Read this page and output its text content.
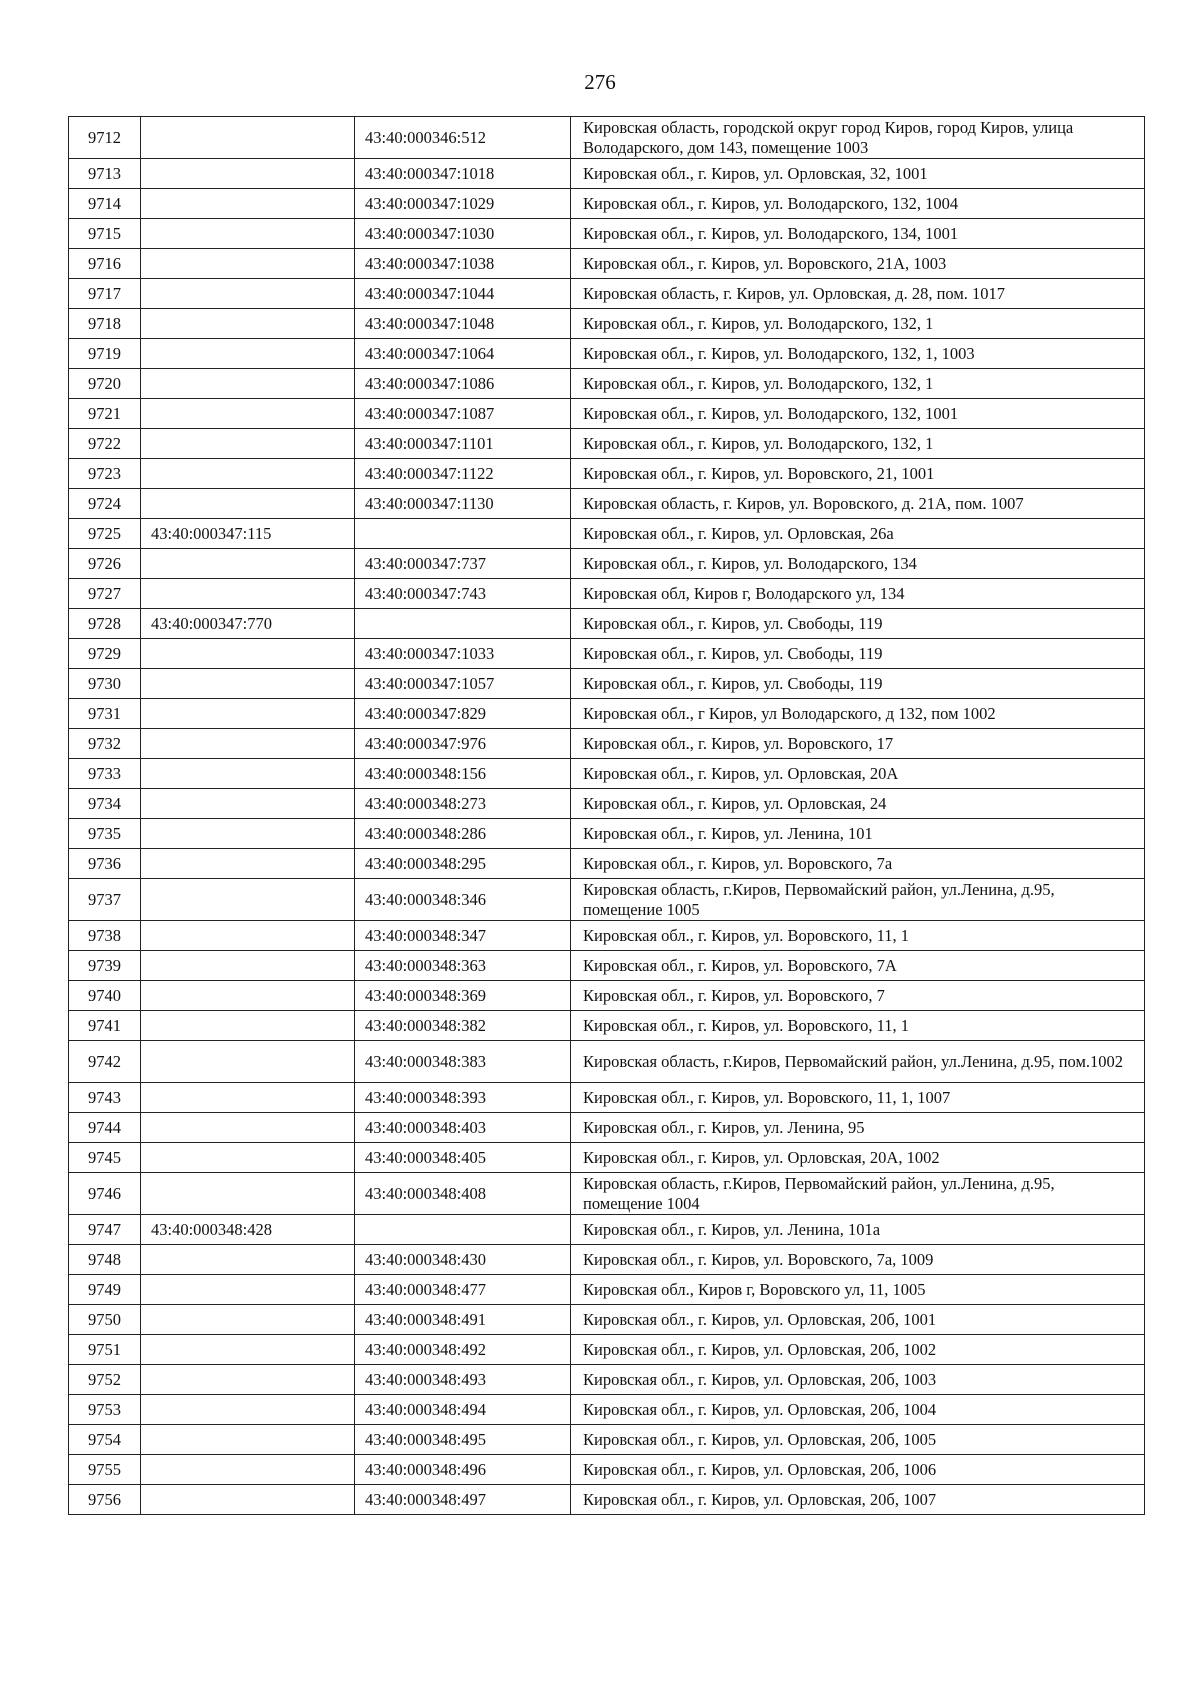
276
9712		43:40:000346:512	Кировская область, городской округ город Киров, город Киров, улица Володарского, дом 143, помещение 1003
9713		43:40:000347:1018	Кировская обл., г. Киров, ул. Орловская, 32, 1001
9714		43:40:000347:1029	Кировская обл., г. Киров, ул. Володарского, 132, 1004
9715		43:40:000347:1030	Кировская обл., г. Киров, ул. Володарского, 134, 1001
9716		43:40:000347:1038	Кировская обл., г. Киров, ул. Воровского, 21А, 1003
9717		43:40:000347:1044	Кировская область, г. Киров, ул. Орловская, д. 28, пом. 1017
9718		43:40:000347:1048	Кировская обл., г. Киров, ул. Володарского, 132, 1
9719		43:40:000347:1064	Кировская обл., г. Киров, ул. Володарского, 132, 1, 1003
9720		43:40:000347:1086	Кировская обл., г. Киров, ул. Володарского, 132, 1
9721		43:40:000347:1087	Кировская обл., г. Киров, ул. Володарского, 132, 1001
9722		43:40:000347:1101	Кировская обл., г. Киров, ул. Володарского, 132, 1
9723		43:40:000347:1122	Кировская обл., г. Киров, ул. Воровского, 21, 1001
9724		43:40:000347:1130	Кировская область, г. Киров, ул. Воровского, д. 21А, пом. 1007
9725	43:40:000347:115		Кировская обл., г. Киров, ул. Орловская, 26а
9726		43:40:000347:737	Кировская обл., г. Киров, ул. Володарского, 134
9727		43:40:000347:743	Кировская обл, Киров г, Володарского ул, 134
9728	43:40:000347:770		Кировская обл., г. Киров, ул. Свободы, 119
9729		43:40:000347:1033	Кировская обл., г. Киров, ул. Свободы, 119
9730		43:40:000347:1057	Кировская обл., г. Киров, ул. Свободы, 119
9731		43:40:000347:829	Кировская обл., г Киров, ул Володарского, д 132, пом 1002
9732		43:40:000347:976	Кировская обл., г. Киров, ул. Воровского, 17
9733		43:40:000348:156	Кировская обл., г. Киров, ул. Орловская, 20А
9734		43:40:000348:273	Кировская обл., г. Киров, ул. Орловская, 24
9735		43:40:000348:286	Кировская обл., г. Киров, ул. Ленина, 101
9736		43:40:000348:295	Кировская обл., г. Киров, ул. Воровского, 7а
9737		43:40:000348:346	Кировская область, г.Киров, Первомайский район, ул.Ленина, д.95, помещение 1005
9738		43:40:000348:347	Кировская обл., г. Киров, ул. Воровского, 11, 1
9739		43:40:000348:363	Кировская обл., г. Киров, ул. Воровского, 7А
9740		43:40:000348:369	Кировская обл., г. Киров, ул. Воровского, 7
9741		43:40:000348:382	Кировская обл., г. Киров, ул. Воровского, 11, 1
9742		43:40:000348:383	Кировская область, г.Киров, Первомайский район, ул.Ленина, д.95, пом.1002
9743		43:40:000348:393	Кировская обл., г. Киров, ул. Воровского, 11, 1, 1007
9744		43:40:000348:403	Кировская обл., г. Киров, ул. Ленина, 95
9745		43:40:000348:405	Кировская обл., г. Киров, ул. Орловская, 20А, 1002
9746		43:40:000348:408	Кировская область, г.Киров, Первомайский район, ул.Ленина, д.95, помещение 1004
9747	43:40:000348:428		Кировская обл., г. Киров, ул. Ленина, 101а
9748		43:40:000348:430	Кировская обл., г. Киров, ул. Воровского, 7а, 1009
9749		43:40:000348:477	Кировская обл., Киров г, Воровского ул, 11, 1005
9750		43:40:000348:491	Кировская обл., г. Киров, ул. Орловская, 20б, 1001
9751		43:40:000348:492	Кировская обл., г. Киров, ул. Орловская, 20б, 1002
9752		43:40:000348:493	Кировская обл., г. Киров, ул. Орловская, 20б, 1003
9753		43:40:000348:494	Кировская обл., г. Киров, ул. Орловская, 20б, 1004
9754		43:40:000348:495	Кировская обл., г. Киров, ул. Орловская, 20б, 1005
9755		43:40:000348:496	Кировская обл., г. Киров, ул. Орловская, 20б, 1006
9756		43:40:000348:497	Кировская обл., г. Киров, ул. Орловская, 20б, 1007
